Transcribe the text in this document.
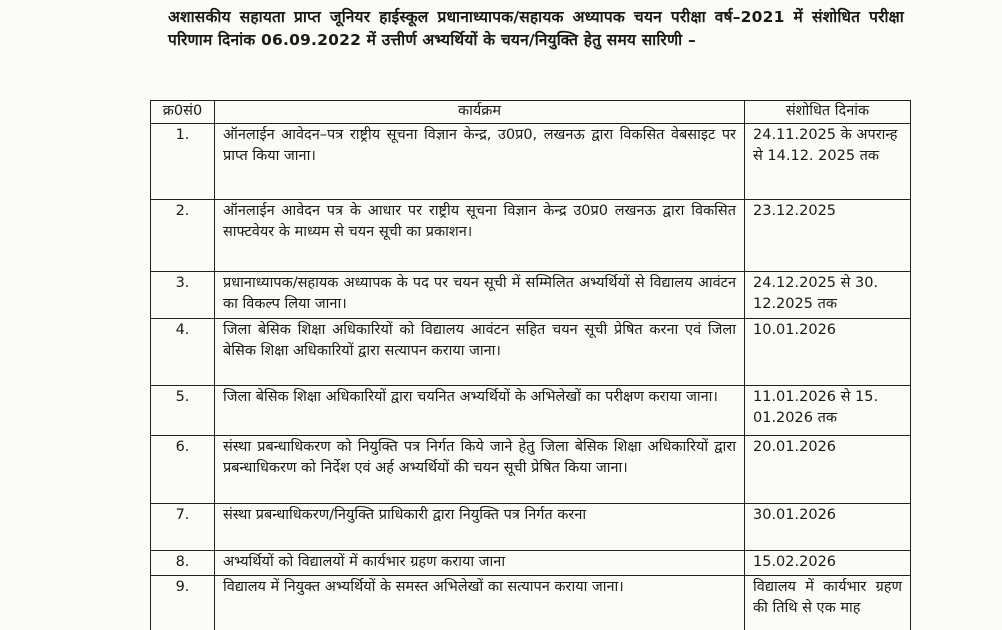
अशासकीय सहायता प्राप्त जूनियर हाईस्कूल प्रधानाध्यापक/सहायक अध्यापक चयन परीक्षा वर्ष–2021 में संशोधित परीक्षा परिणाम दिनांक 06.09.2022 में उत्तीर्ण अभ्यर्थियों के चयन/नियुक्ति हेतु समय सारिणी –
क्र0सं0	कार्यक्रम	संशोधित दिनांक
1.	ऑनलाईन आवेदन–पत्र राष्ट्रीय सूचना विज्ञान केन्द्र, उ0प्र0, लखनऊ द्वारा विकसित वेबसाइट पर प्राप्त किया जाना।	24.11.2025 के अपरान्ह से 14.12. 2025 तक
2.	ऑनलाईन आवेदन पत्र के आधार पर राष्ट्रीय सूचना विज्ञान केन्द्र उ0प्र0 लखनऊ द्वारा विकसित साफ्टवेयर के माध्यम से चयन सूची का प्रकाशन।	23.12.2025
3.	प्रधानाध्यापक/सहायक अध्यापक के पद पर चयन सूची में सम्मिलित अभ्यर्थियों से विद्यालय आवंटन का विकल्प लिया जाना।	24.12.2025 से 30. 12.2025 तक
4.	जिला बेसिक शिक्षा अधिकारियों को विद्यालय आवंटन सहित चयन सूची प्रेषित करना एवं जिला बेसिक शिक्षा अधिकारियों द्वारा सत्यापन कराया जाना।	10.01.2026
5.	जिला बेसिक शिक्षा अधिकारियों द्वारा चयनित अभ्यर्थियों के अभिलेखों का परीक्षण कराया जाना।	11.01.2026 से 15. 01.2026 तक
6.	संस्था प्रबन्धाधिकरण को नियुक्ति पत्र निर्गत किये जाने हेतु जिला बेसिक शिक्षा अधिकारियों द्वारा प्रबन्धाधिकरण को निर्देश एवं अर्ह अभ्यर्थियों की चयन सूची प्रेषित किया जाना।	20.01.2026
7.	संस्था प्रबन्धाधिकरण/नियुक्ति प्राधिकारी द्वारा नियुक्ति पत्र निर्गत करना	30.01.2026
8.	अभ्यर्थियों को विद्यालयों में कार्यभार ग्रहण कराया जाना	15.02.2026
9.	विद्यालय में नियुक्त अभ्यर्थियों के समस्त अभिलेखों का सत्यापन कराया जाना।	विद्यालय में कार्यभार ग्रहण की तिथि से एक माह
